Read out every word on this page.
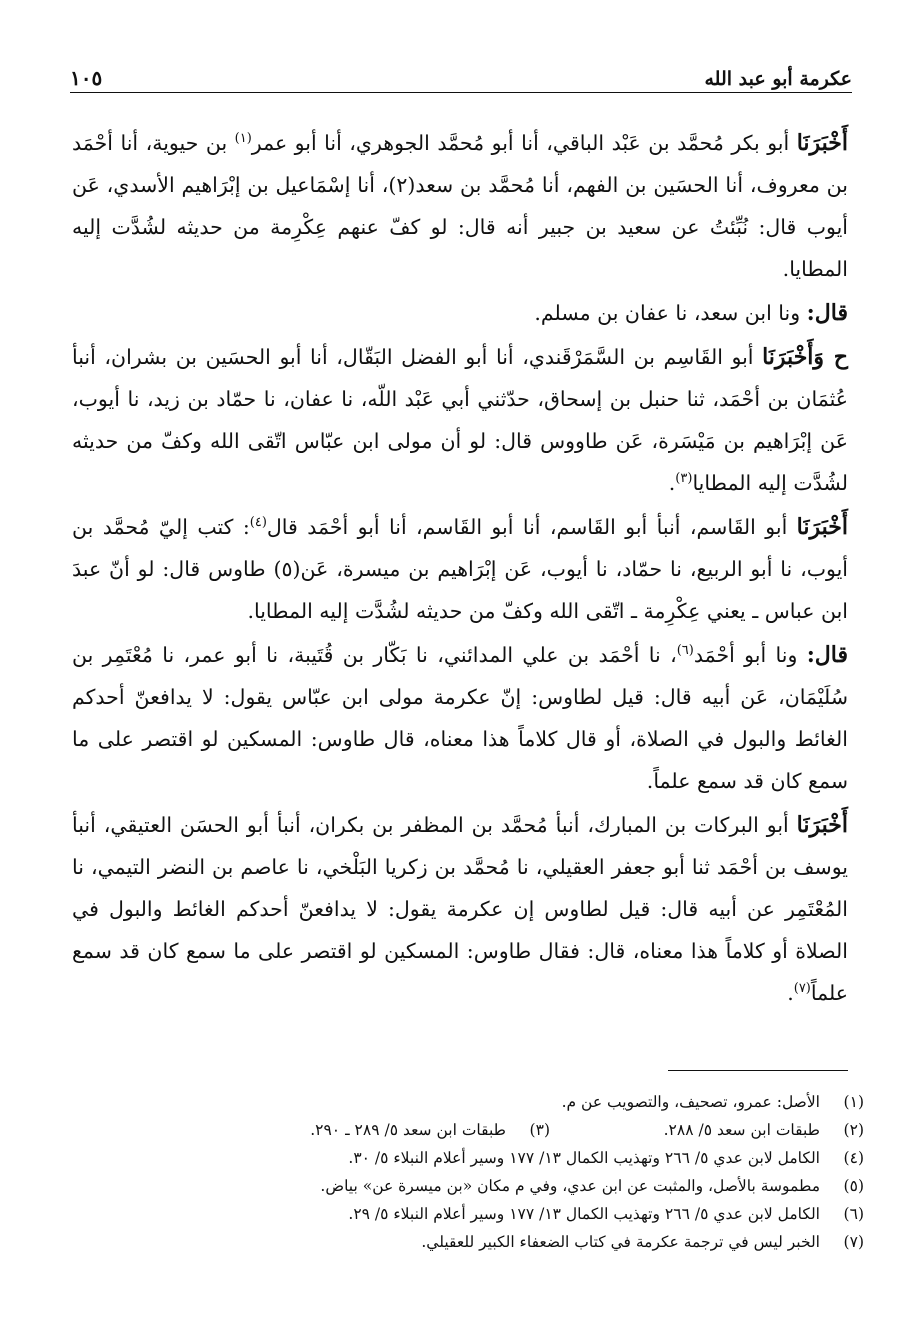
عكرمة أبو عبد الله
١٠٥

أَخْبَرَنَا أبو بكر مُحمَّد بن عَبْد الباقي، أنا أبو مُحمَّد الجوهري، أنا أبو عمر$^{(١)}$ بن حيوية، أنا أحْمَد بن معروف، أنا الحسَين بن الفهم، أنا مُحمَّد بن سعد(٢)، أنا إسْمَاعيل بن إبْرَاهيم الأسدي، عَن أيوب قال: نُبِّئتُ عن سعيد بن جبير أنه قال: لو كفّ عنهم عِكْرِمة من حديثه لشُدَّت إليه المطايا.

قال: ونا ابن سعد، نا عفان بن مسلم.

ح وَأَخْبَرَنَا أبو القَاسِم بن السَّمَرْقَندي، أنا أبو الفضل البَقّال، أنا أبو الحسَين بن بشران، أنبأ عُثمَان بن أحْمَد، ثنا حنبل بن إسحاق، حدّثني أبي عَبْد اللّه، نا عفان، نا حمّاد بن زيد، نا أيوب، عَن إبْرَاهيم بن مَيْسَرة، عَن طاووس قال: لو أن مولى ابن عبّاس اتّقى الله وكفّ من حديثه لشُدَّت إليه المطايا$^{(٣)}$.

أَخْبَرَنَا أبو القَاسم، أنبأ أبو القَاسم، أنا أبو القَاسم، أنا أبو أحْمَد قال$^{(٤)}$: كتب إليّ مُحمَّد بن أيوب، نا أبو الربيع، نا حمّاد، نا أيوب، عَن إبْرَاهيم بن ميسرة، عَن(٥) طاوس قال: لو أنّ عبدَ ابن عباس ـ يعني عِكْرِمة ـ اتّقى الله وكفّ من حديثه لشُدَّت إليه المطايا.

قال: ونا أبو أحْمَد$^{(٦)}$، نا أحْمَد بن علي المدائني، نا بَكّار بن قُتَيبة، نا أبو عمر، نا مُعْتَمِر بن سُلَيْمَان، عَن أبيه قال: قيل لطاوس: إنّ عكرمة مولى ابن عبّاس يقول: لا يدافعنّ أحدكم الغائط والبول في الصلاة، أو قال كلاماً هذا معناه، قال طاوس: المسكين لو اقتصر على ما سمع كان قد سمع علماً.

أَخْبَرَنَا أبو البركات بن المبارك، أنبأ مُحمَّد بن المظفر بن بكران، أنبأ أبو الحسَن العتيقي، أنبأ يوسف بن أحْمَد ثنا أبو جعفر العقيلي، نا مُحمَّد بن زكريا البَلْخي، نا عاصم بن النضر التيمي، نا المُعْتَمِر عن أبيه قال: قيل لطاوس إن عكرمة يقول: لا يدافعنّ أحدكم الغائط والبول في الصلاة أو كلاماً هذا معناه، قال: فقال طاوس: المسكين لو اقتصر على ما سمع كان قد سمع علماً$^{(٧)}$.

(١)
الأصل: عمرو، تصحيف، والتصويب عن م.
(٢)
طبقات ابن سعد ٥/ ٢٨٨.
(٣)
طبقات ابن سعد ٥/ ٢٨٩ ـ ٢٩٠.
(٤)
الكامل لابن عدي ٥/ ٢٦٦ وتهذيب الكمال ١٣/ ١٧٧ وسير أعلام النبلاء ٥/ ٣٠.
(٥)
مطموسة بالأصل، والمثبت عن ابن عدي، وفي م مكان «بن ميسرة عن» بياض.
(٦)
الكامل لابن عدي ٥/ ٢٦٦ وتهذيب الكمال ١٣/ ١٧٧ وسير أعلام النبلاء ٥/ ٢٩.
(٧)
الخبر ليس في ترجمة عكرمة في كتاب الضعفاء الكبير للعقيلي.
